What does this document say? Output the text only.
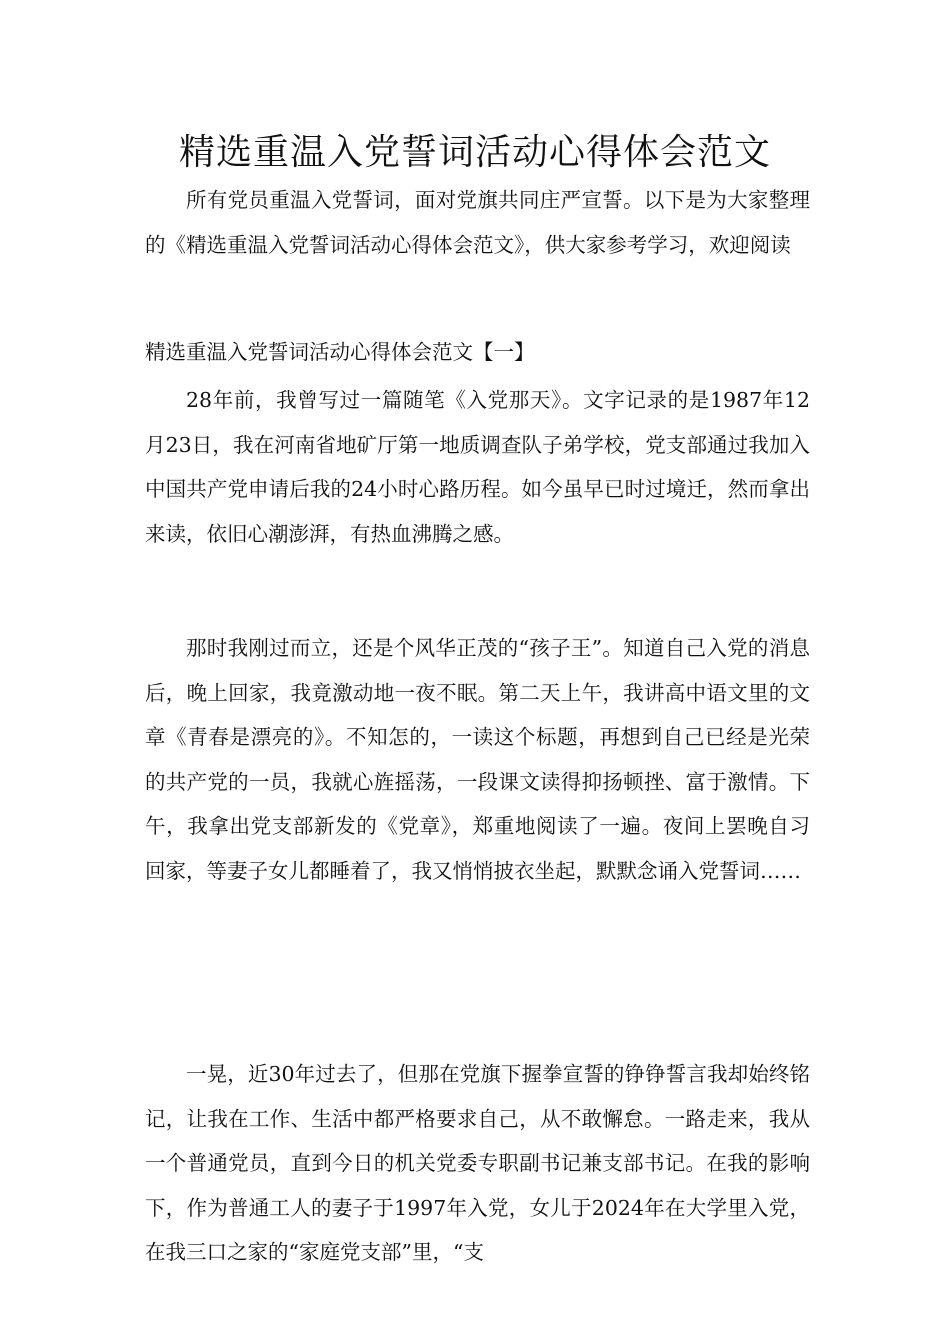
精选重温入党誓词活动心得体会范文

所有党员重温入党誓词，面对党旗共同庄严宣誓。以下是为大家整理的《精选重温入党誓词活动心得体会范文》，供大家参考学习，欢迎阅读

精选重温入党誓词活动心得体会范文【一】

28年前，我曾写过一篇随笔《入党那天》。文字记录的是1987年12月23日，我在河南省地矿厅第一地质调查队子弟学校，党支部通过我加入中国共产党申请后我的24小时心路历程。如今虽早已时过境迁，然而拿出来读，依旧心潮澎湃，有热血沸腾之感。

那时我刚过而立，还是个风华正茂的“孩子王”。知道自己入党的消息后，晚上回家，我竟激动地一夜不眠。第二天上午，我讲高中语文里的文章《青春是漂亮的》。不知怎的，一读这个标题，再想到自己已经是光荣的共产党的一员，我就心旌摇荡，一段课文读得抑扬顿挫、富于激情。下午，我拿出党支部新发的《党章》，郑重地阅读了一遍。夜间上罢晚自习回家，等妻子女儿都睡着了，我又悄悄披衣坐起，默默念诵入党誓词……

一晃，近30年过去了，但那在党旗下握拳宣誓的铮铮誓言我却始终铭记，让我在工作、生活中都严格要求自己，从不敢懈怠。一路走来，我从一个普通党员，直到今日的机关党委专职副书记兼支部书记。在我的影响下，作为普通工人的妻子于1997年入党，女儿于2024年在大学里入党，在我三口之家的“家庭党支部”里，“支
